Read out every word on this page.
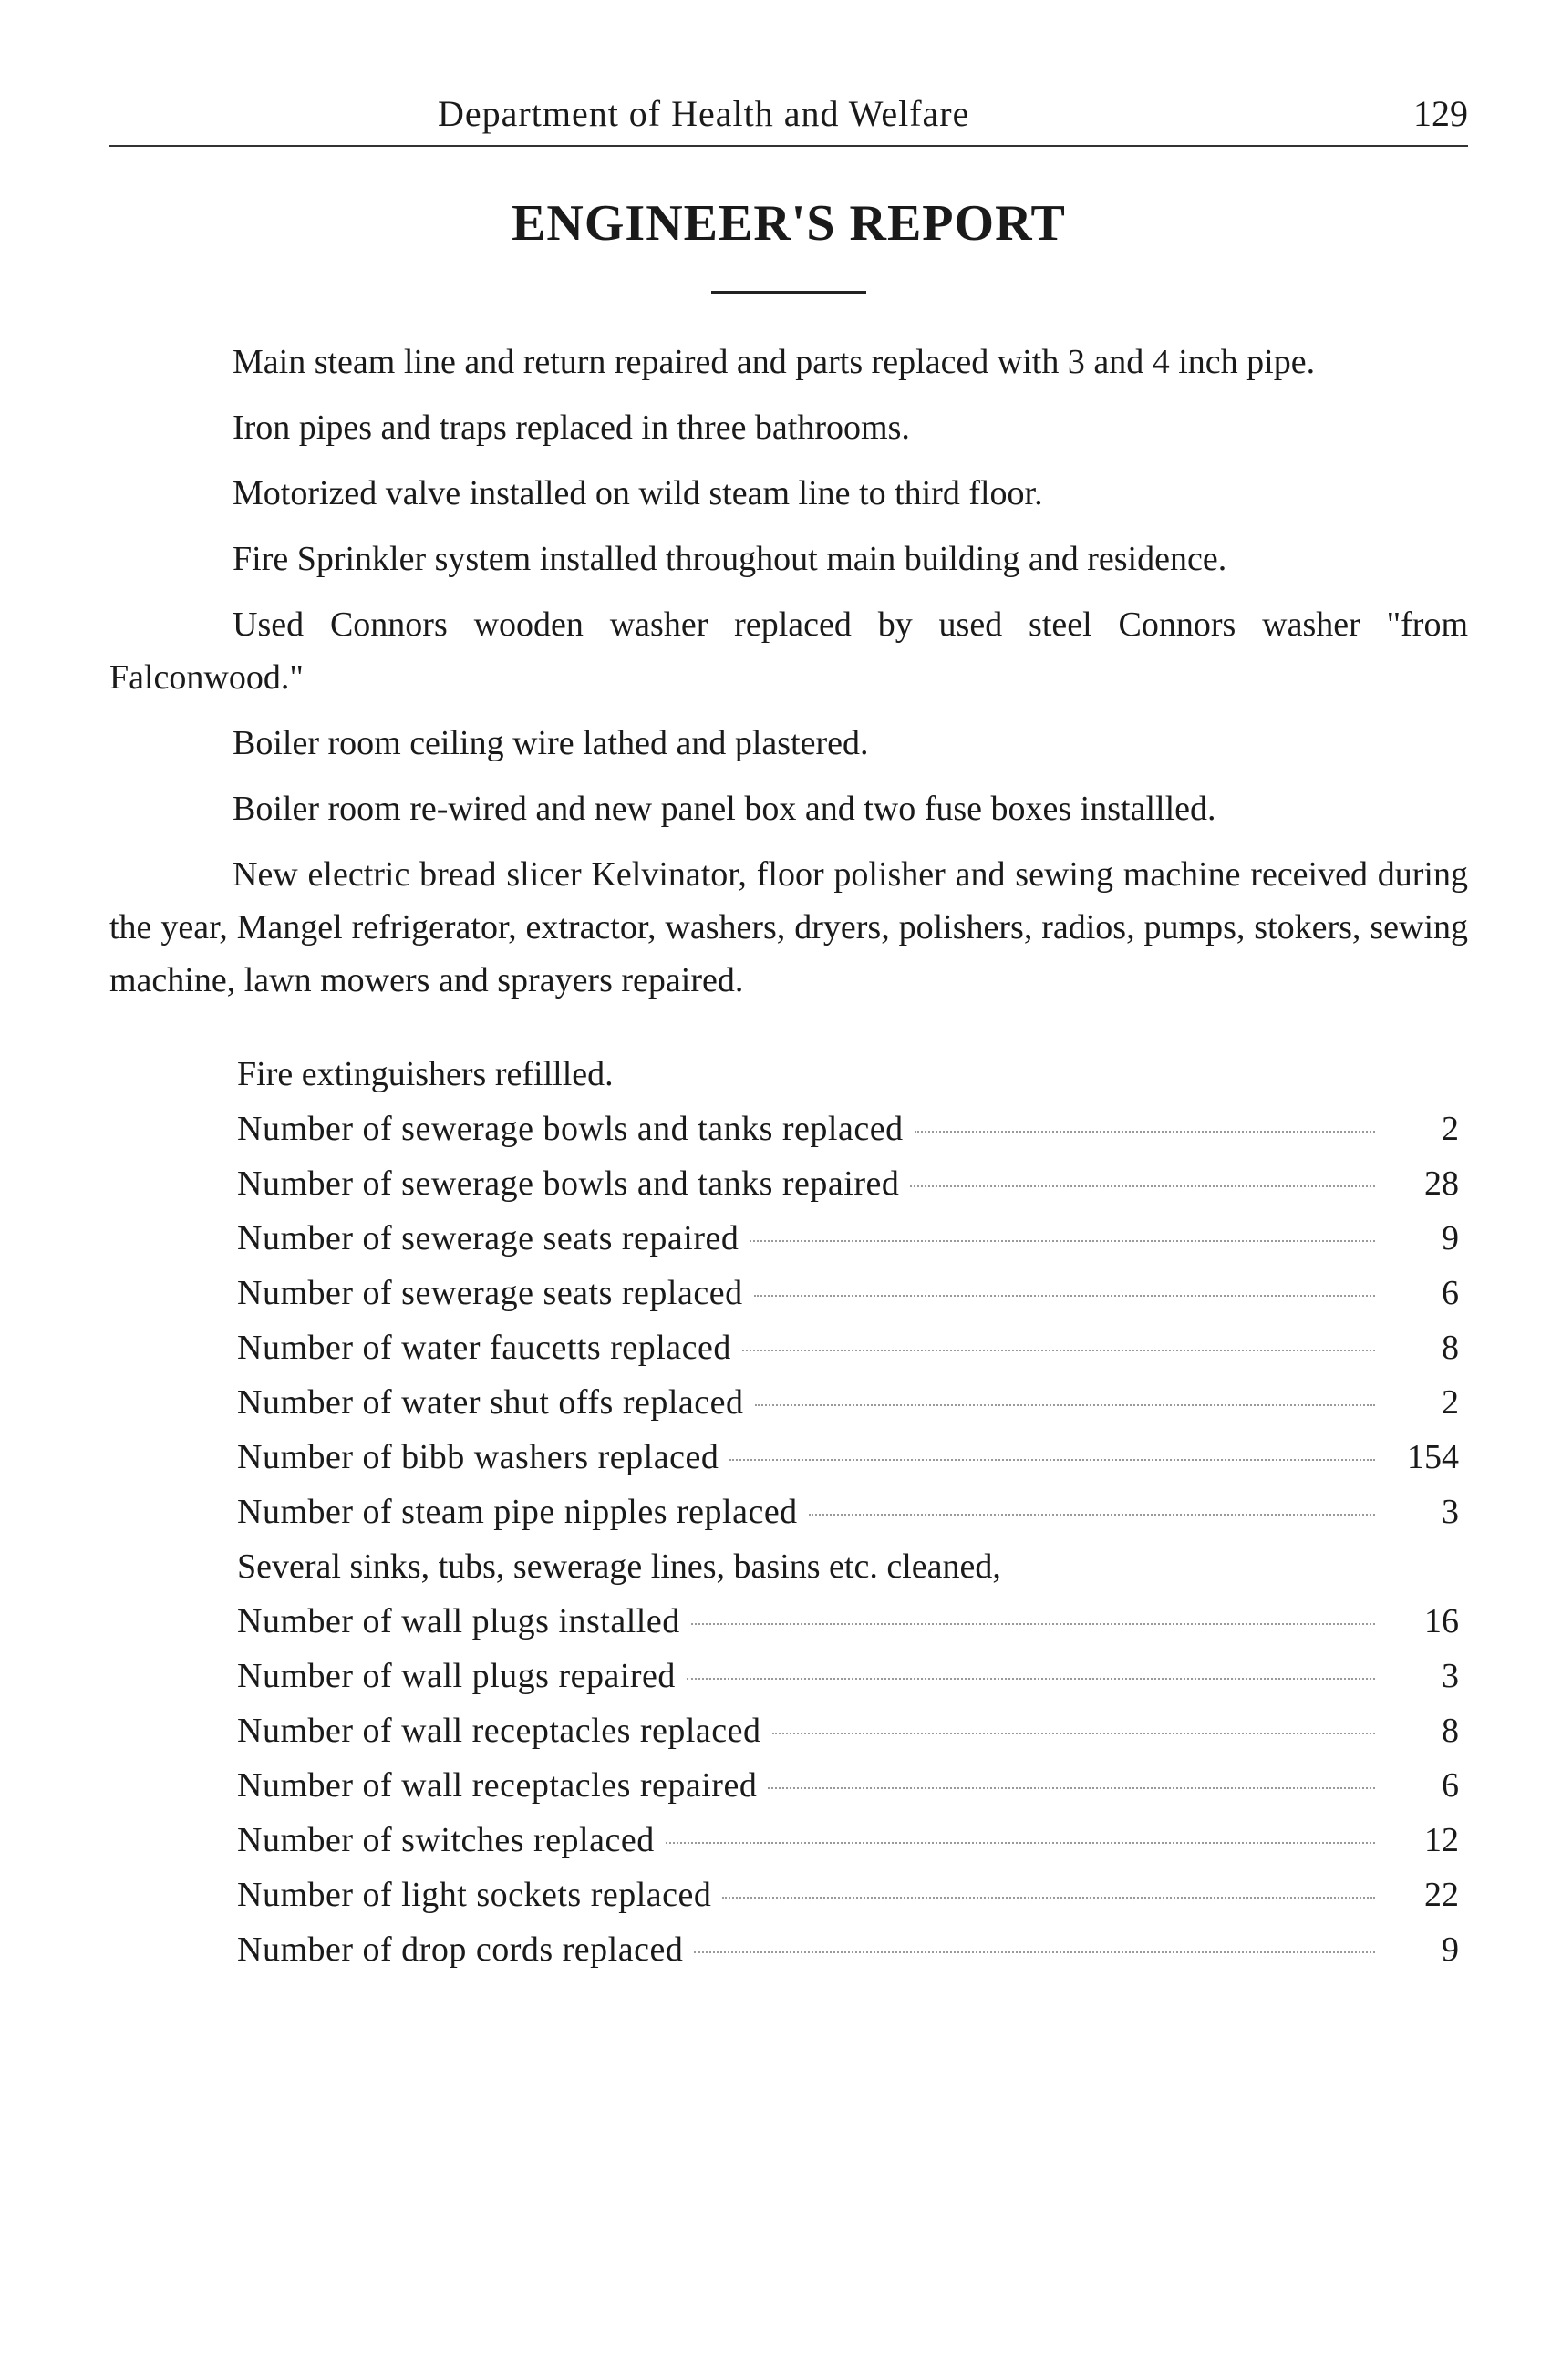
Department of Health and Welfare	129
ENGINEER'S REPORT

Main steam line and return repaired and parts replaced with 3 and 4 inch pipe.

Iron pipes and traps replaced in three bathrooms.

Motorized valve installed on wild steam line to third floor.

Fire Sprinkler system installed throughout main building and residence.

Used Connors wooden washer replaced by used steel Connors washer "from Falconwood."

Boiler room ceiling wire lathed and plastered.

Boiler room re-wired and new panel box and two fuse boxes installled.

New electric bread slicer Kelvinator, floor polisher and sewing machine received during the year, Mangel refrigerator, extractor, washers, dryers, polishers, radios, pumps, stokers, sewing machine, lawn mowers and sprayers repaired.

Fire extinguishers refillled.
Number of sewerage bowls and tanks replaced	2
Number of sewerage bowls and tanks repaired	28
Number of sewerage seats repaired	9
Number of sewerage seats replaced	6
Number of water faucetts replaced	8
Number of water shut offs replaced	2
Number of bibb washers replaced	154
Number of steam pipe nipples replaced	3
Several sinks, tubs, sewerage lines, basins etc. cleaned,
Number of wall plugs installed	16
Number of wall plugs repaired	3
Number of wall receptacles replaced	8
Number of wall receptacles repaired	6
Number of switches replaced	12
Number of light sockets replaced	22
Number of drop cords replaced	9
